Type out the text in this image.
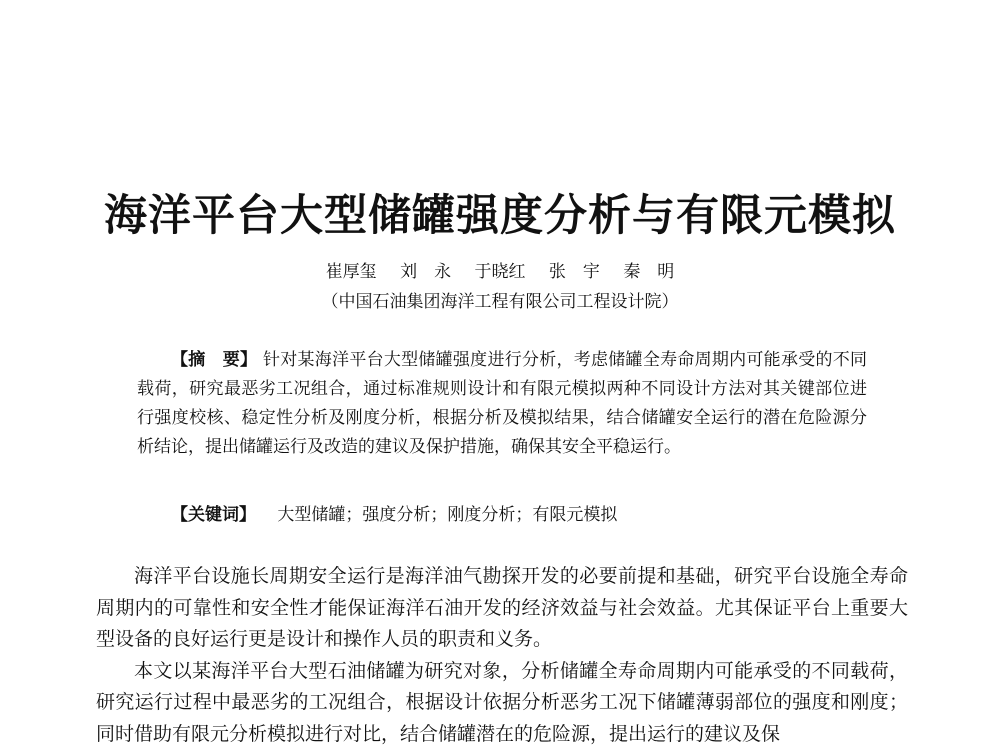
海洋平台大型储罐强度分析与有限元模拟
崔厚玺 刘　永 于晓红 张　宇 秦　明
（中国石油集团海洋工程有限公司工程设计院）
【摘　要】 针对某海洋平台大型储罐强度进行分析，考虑储罐全寿命周期内可能承受的不同载荷，研究最恶劣工况组合，通过标准规则设计和有限元模拟两种不同设计方法对其关键部位进行强度校核、稳定性分析及刚度分析，根据分析及模拟结果，结合储罐安全运行的潜在危险源分析结论，提出储罐运行及改造的建议及保护措施，确保其安全平稳运行。
【关键词】 大型储罐；强度分析；刚度分析；有限元模拟

海洋平台设施长周期安全运行是海洋油气勘探开发的必要前提和基础，研究平台设施全寿命周期内的可靠性和安全性才能保证海洋石油开发的经济效益与社会效益。尤其保证平台上重要大型设备的良好运行更是设计和操作人员的职责和义务。

本文以某海洋平台大型石油储罐为研究对象，分析储罐全寿命周期内可能承受的不同载荷，研究运行过程中最恶劣的工况组合，根据设计依据分析恶劣工况下储罐薄弱部位的强度和刚度；同时借助有限元分析模拟进行对比，结合储罐潜在的危险源，提出运行的建议及保
